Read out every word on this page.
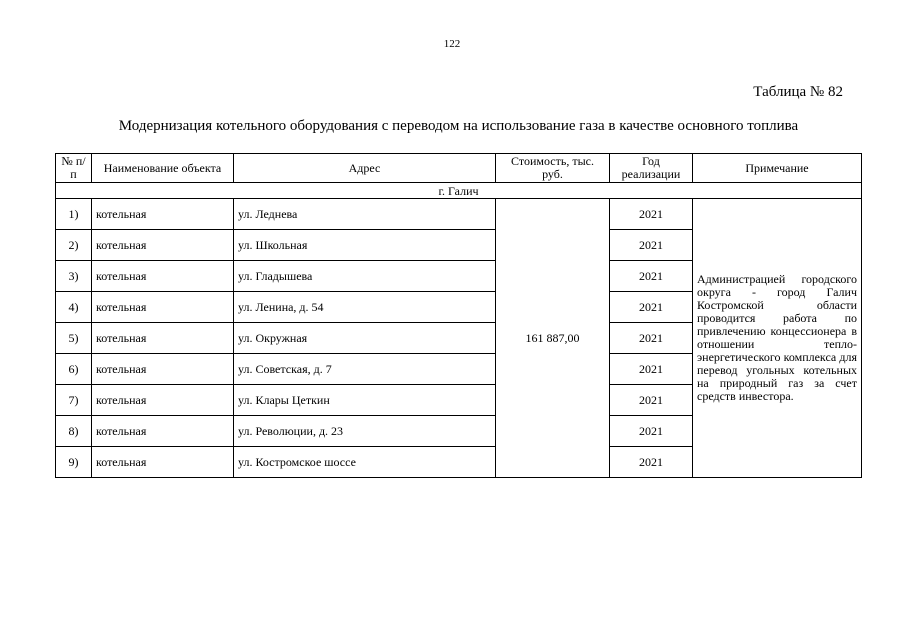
122
Таблица № 82
Модернизация котельного оборудования с переводом на использование газа в качестве основного топлива
№ п/п	Наименование объекта	Адрес	Стоимость, тыс. руб.	Год реализации	Примечание
г. Галич					
1)	котельная	ул. Леднева	161 887,00	2021	Администрацией городского округа - город Галич Костромской области проводится работа по привлечению концессионера в отношении тепло-энергетического комплекса для перевод угольных котельных на природный газ за счет средств инвестора.
2)	котельная	ул. Школьная		2021	
3)	котельная	ул. Гладышева		2021	
4)	котельная	ул. Ленина, д. 54		2021	
5)	котельная	ул. Окружная		2021	
6)	котельная	ул. Советская, д. 7		2021	
7)	котельная	ул. Клары Цеткин		2021	
8)	котельная	ул. Революции, д. 23		2021	
9)	котельная	ул. Костромское шоссе		2021	
